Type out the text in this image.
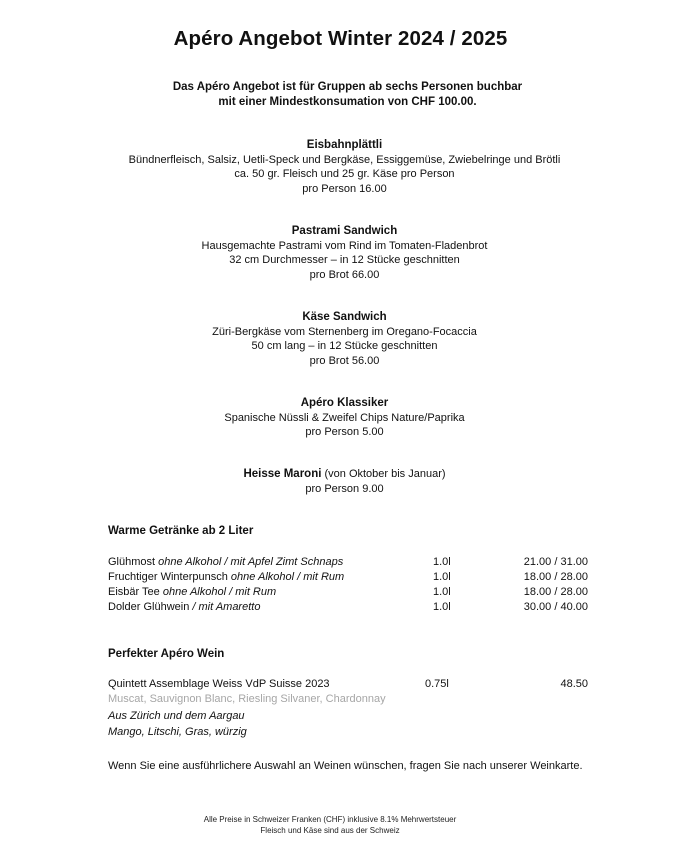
Apéro Angebot Winter 2024 / 2025
Das Apéro Angebot ist für Gruppen ab sechs Personen buchbar
mit einer Mindestkonsumation von CHF 100.00.
Eisbahnplättli
Bündnerfleisch, Salsiz, Uetli-Speck und Bergkäse, Essiggemüse, Zwiebelringe und Brötli
ca. 50 gr. Fleisch und 25 gr. Käse pro Person
pro Person 16.00
Pastrami Sandwich
Hausgemachte Pastrami vom Rind im Tomaten-Fladenbrot
32 cm Durchmesser – in 12 Stücke geschnitten
pro Brot 66.00
Käse Sandwich
Züri-Bergkäse vom Sternenberg im Oregano-Focaccia
50 cm lang – in 12 Stücke geschnitten
pro Brot 56.00
Apéro Klassiker
Spanische Nüssli & Zweifel Chips Nature/Paprika
pro Person 5.00
Heisse Maroni (von Oktober bis Januar)
pro Person 9.00
Warme Getränke ab 2 Liter
Glühmost ohne Alkohol / mit Apfel Zimt Schnaps	1.0l	21.00 / 31.00
Fruchtiger Winterpunsch ohne Alkohol / mit Rum	1.0l	18.00 / 28.00
Eisbär Tee ohne Alkohol / mit Rum	1.0l	18.00 / 28.00
Dolder Glühwein / mit Amaretto	1.0l	30.00 / 40.00
Perfekter Apéro Wein
Quintett Assemblage Weiss VdP Suisse 2023	0.75l	48.50
Muscat, Sauvignon Blanc, Riesling Silvaner, Chardonnay
Aus Zürich und dem Aargau
Mango, Litschi, Gras, würzig
Wenn Sie eine ausführlichere Auswahl an Weinen wünschen, fragen Sie nach unserer Weinkarte.
Alle Preise in Schweizer Franken (CHF) inklusive 8.1% Mehrwertsteuer
Fleisch und Käse sind aus der Schweiz
